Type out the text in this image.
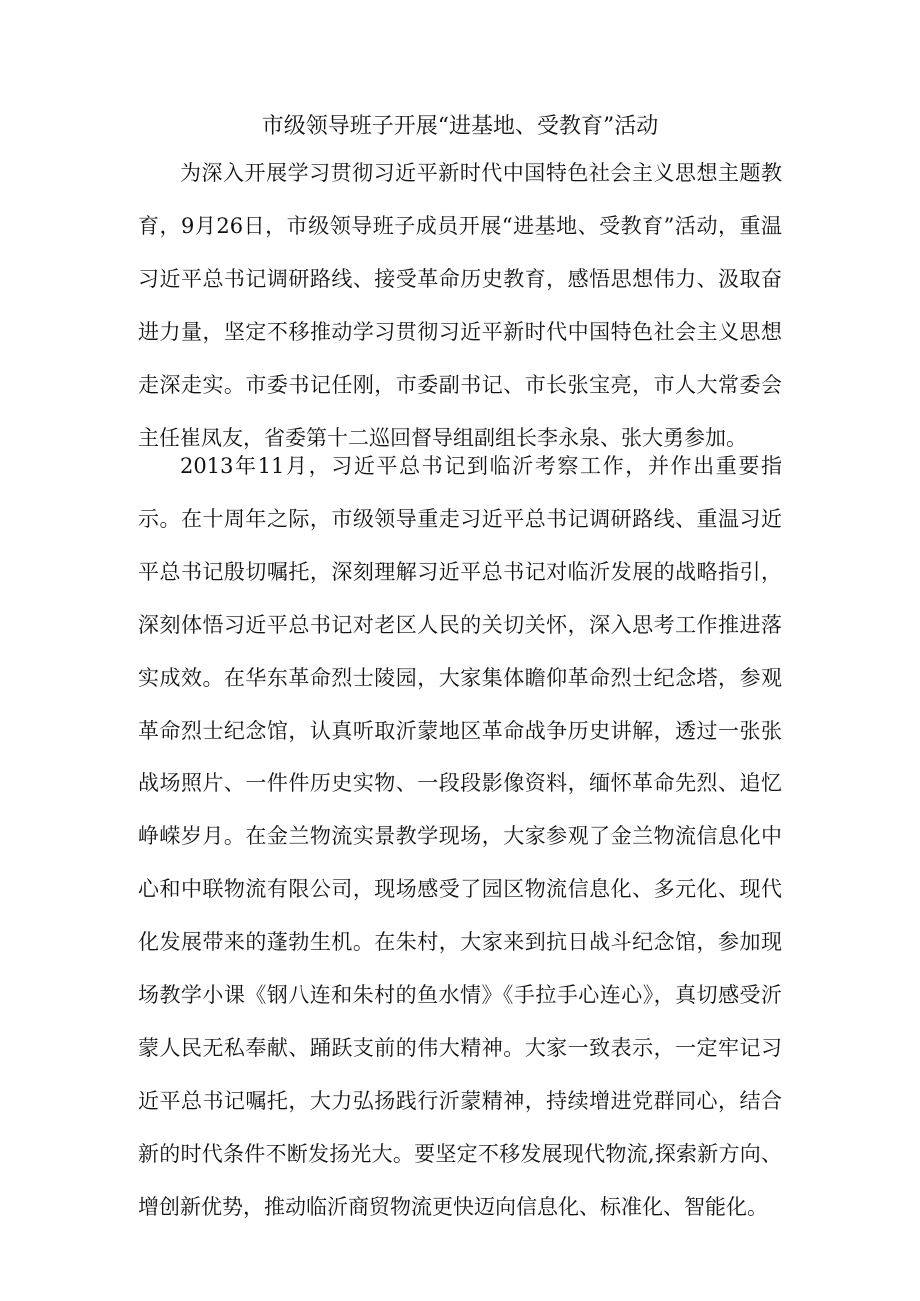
市级领导班子开展“进基地、受教育”活动

为深入开展学习贯彻习近平新时代中国特色社会主义思想主题教育，9月26日，市级领导班子成员开展“进基地、受教育”活动，重温习近平总书记调研路线、接受革命历史教育，感悟思想伟力、汲取奋进力量，坚定不移推动学习贯彻习近平新时代中国特色社会主义思想走深走实。市委书记任刚，市委副书记、市长张宝亮，市人大常委会主任崔凤友，省委第十二巡回督导组副组长李永泉、张大勇参加。

2013年11月，习近平总书记到临沂考察工作，并作出重要指示。在十周年之际，市级领导重走习近平总书记调研路线、重温习近平总书记殷切嘱托，深刻理解习近平总书记对临沂发展的战略指引，深刻体悟习近平总书记对老区人民的关切关怀，深入思考工作推进落实成效。在华东革命烈士陵园，大家集体瞻仰革命烈士纪念塔，参观革命烈士纪念馆，认真听取沂蒙地区革命战争历史讲解，透过一张张战场照片、一件件历史实物、一段段影像资料，缅怀革命先烈、追忆峥嵘岁月。在金兰物流实景教学现场，大家参观了金兰物流信息化中心和中联物流有限公司，现场感受了园区物流信息化、多元化、现代化发展带来的蓬勃生机。在朱村，大家来到抗日战斗纪念馆，参加现场教学小课《钢八连和朱村的鱼水情》《手拉手心连心》，真切感受沂蒙人民无私奉献、踊跃支前的伟大精神。大家一致表示，一定牢记习近平总书记嘱托，大力弘扬践行沂蒙精神，持续增进党群同心，结合新的时代条件不断发扬光大。要坚定不移发展现代物流,探索新方向、增创新优势，推动临沂商贸物流更快迈向信息化、标准化、智能化。
